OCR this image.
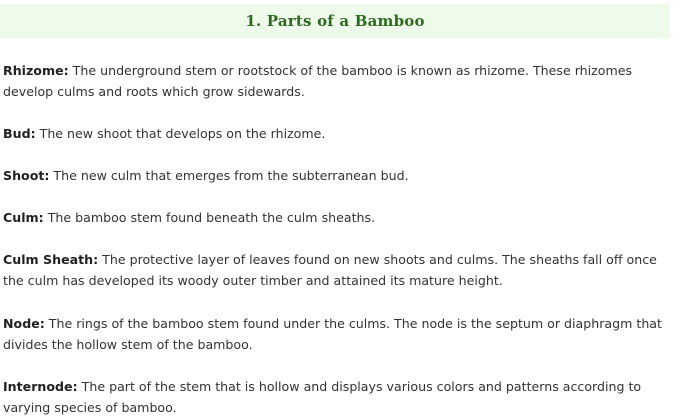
1. Parts of a Bamboo

Rhizome: The underground stem or rootstock of the bamboo is known as rhizome. These rhizomes develop culms and roots which grow sidewards.

Bud: The new shoot that develops on the rhizome.

Shoot: The new culm that emerges from the subterranean bud.

Culm: The bamboo stem found beneath the culm sheaths.

Culm Sheath: The protective layer of leaves found on new shoots and culms. The sheaths fall off once the culm has developed its woody outer timber and attained its mature height.

Node: The rings of the bamboo stem found under the culms. The node is the septum or diaphragm that divides the hollow stem of the bamboo.

Internode: The part of the stem that is hollow and displays various colors and patterns according to varying species of bamboo.
